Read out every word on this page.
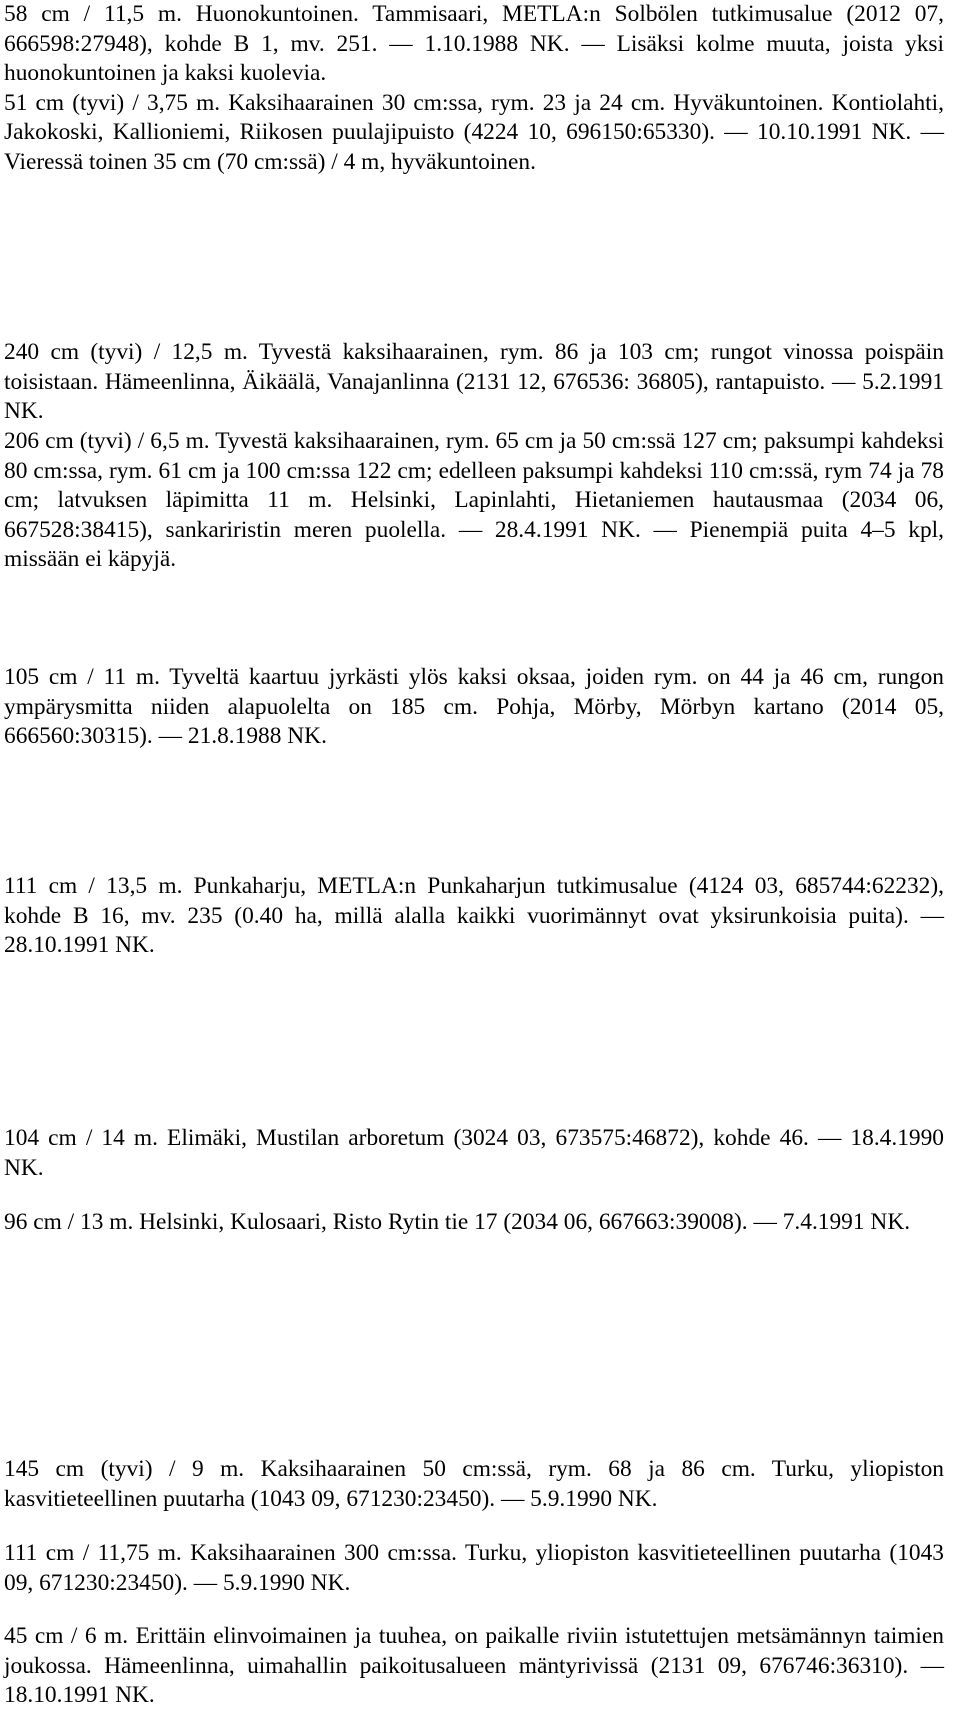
58 cm / 11,5 m. Huonokuntoinen. Tammisaari, METLA:n Solbölen tutkimusalue (2012 07, 666598:27948), kohde B 1, mv. 251. — 1.10.1988 NK. — Lisäksi kolme muuta, joista yksi huonokuntoinen ja kaksi kuolevia.

51 cm (tyvi) / 3,75 m. Kaksihaarainen 30 cm:ssa, rym. 23 ja 24 cm. Hyväkuntoinen. Kontiolahti, Jakokoski, Kallioniemi, Riikosen puulajipuisto (4224 10, 696150:65330). — 10.10.1991 NK. — Vieressä toinen 35 cm (70 cm:ssä) / 4 m, hyväkuntoinen.

240 cm (tyvi) / 12,5 m. Tyvestä kaksihaarainen, rym. 86 ja 103 cm; rungot vinossa poispäin toisistaan. Hämeenlinna, Äikäälä, Vanajanlinna (2131 12, 676536: 36805), rantapuisto. — 5.2.1991 NK.

206 cm (tyvi) / 6,5 m. Tyvestä kaksihaarainen, rym. 65 cm ja 50 cm:ssä 127 cm; paksumpi kahdeksi 80 cm:ssa, rym. 61 cm ja 100 cm:ssa 122 cm; edelleen paksumpi kahdeksi 110 cm:ssä, rym 74 ja 78 cm; latvuksen läpimitta 11 m. Helsinki, Lapinlahti, Hietaniemen hautausmaa (2034 06, 667528:38415), sankariristin meren puolella. — 28.4.1991 NK. — Pienempiä puita 4–5 kpl, missään ei käpyjä.

105 cm / 11 m. Tyveltä kaartuu jyrkästi ylös kaksi oksaa, joiden rym. on 44 ja 46 cm, rungon ympärysmitta niiden alapuolelta on 185 cm. Pohja, Mörby, Mörbyn kartano (2014 05, 666560:30315). — 21.8.1988 NK.

111 cm / 13,5 m. Punkaharju, METLA:n Punkaharjun tutkimusalue (4124 03, 685744:62232), kohde B 16, mv. 235 (0.40 ha, millä alalla kaikki vuorimännyt ovat yksirunkoisia puita). — 28.10.1991 NK.

104 cm / 14 m. Elimäki, Mustilan arboretum (3024 03, 673575:46872), kohde 46. — 18.4.1990 NK.

96 cm / 13 m. Helsinki, Kulosaari, Risto Rytin tie 17 (2034 06, 667663:39008). — 7.4.1991 NK.

145 cm (tyvi) / 9 m. Kaksihaarainen 50 cm:ssä, rym. 68 ja 86 cm. Turku, yliopiston kasvitieteellinen puutarha (1043 09, 671230:23450). — 5.9.1990 NK.

111 cm / 11,75 m. Kaksihaarainen 300 cm:ssa. Turku, yliopiston kasvitieteellinen puutarha (1043 09, 671230:23450). — 5.9.1990 NK.

45 cm / 6 m. Erittäin elinvoimainen ja tuuhea, on paikalle riviin istutettujen metsämännyn taimien joukossa. Hämeenlinna, uimahallin paikoitusalueen mäntyrivissä (2131 09, 676746:36310). — 18.10.1991 NK.
